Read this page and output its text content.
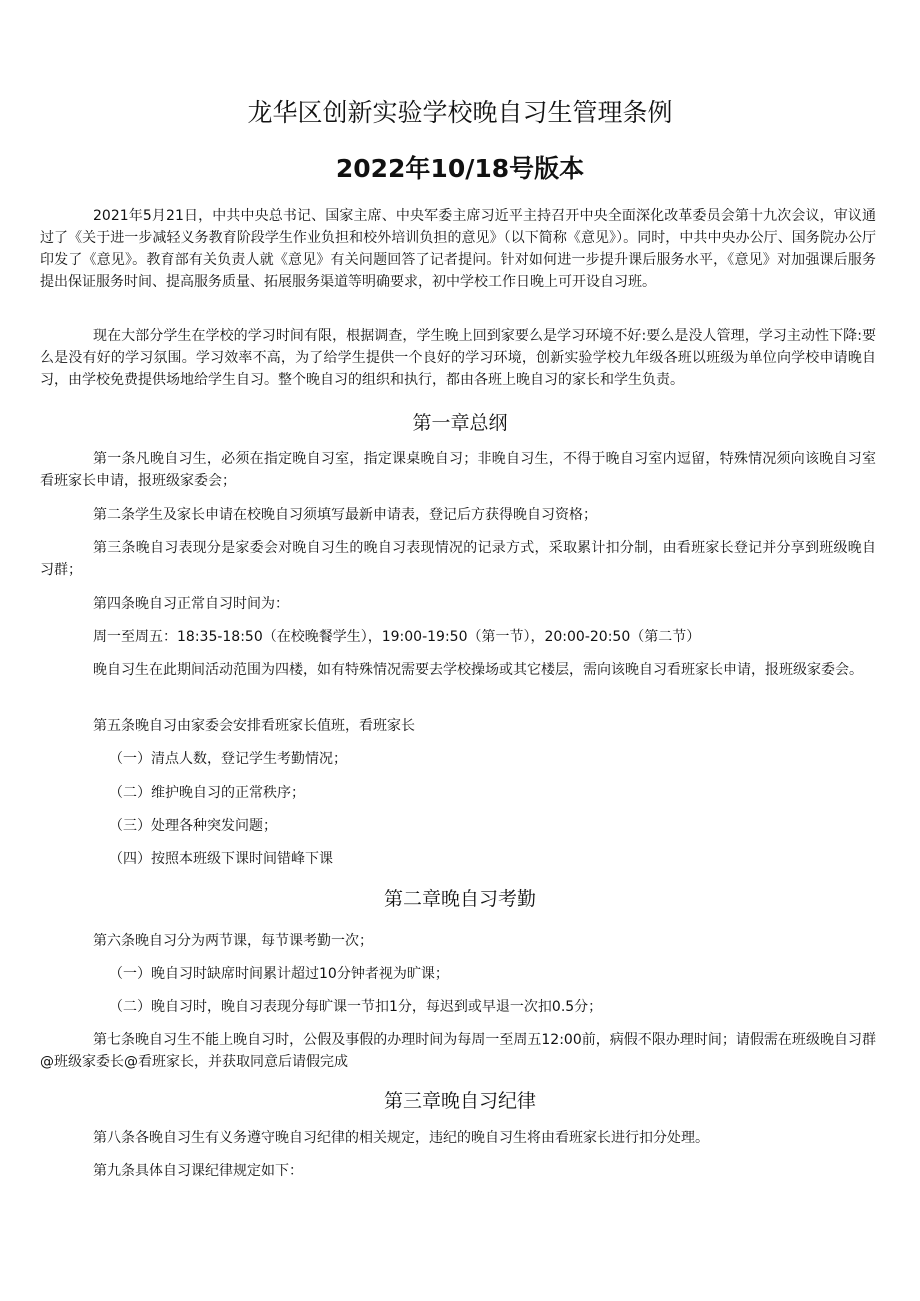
龙华区创新实验学校晚自习生管理条例
2022年10/18号版本

2021年5月21日，中共中央总书记、国家主席、中央军委主席习近平主持召开中央全面深化改革委员会第十九次会议，审议通过了《关于进一步减轻义务教育阶段学生作业负担和校外培训负担的意见》（以下简称《意见》）。同时，中共中央办公厅、国务院办公厅印发了《意见》。教育部有关负责人就《意见》有关问题回答了记者提问。针对如何进一步提升课后服务水平，《意见》对加强课后服务提出保证服务时间、提高服务质量、拓展服务渠道等明确要求，初中学校工作日晚上可开设自习班。

现在大部分学生在学校的学习时间有限，根据调查，学生晚上回到家要么是学习环境不好:要么是没人管理，学习主动性下降:要么是没有好的学习氛围。学习效率不高，为了给学生提供一个良好的学习环境，创新实验学校九年级各班以班级为单位向学校申请晚自习，由学校免费提供场地给学生自习。整个晚自习的组织和执行，都由各班上晚自习的家长和学生负责。

第一章总纲

第一条凡晚自习生，必须在指定晚自习室，指定课桌晚自习；非晚自习生，不得于晚自习室内逗留，特殊情况须向该晚自习室看班家长申请，报班级家委会；

第二条学生及家长申请在校晚自习须填写最新申请表，登记后方获得晚自习资格；

第三条晚自习表现分是家委会对晚自习生的晚自习表现情况的记录方式，采取累计扣分制，由看班家长登记并分享到班级晚自习群；

第四条晚自习正常自习时间为：

周一至周五：18:35-18:50（在校晚餐学生），19:00-19:50（第一节），20:00-20:50（第二节）

晚自习生在此期间活动范围为四楼，如有特殊情况需要去学校操场或其它楼层，需向该晚自习看班家长申请，报班级家委会。

第五条晚自习由家委会安排看班家长值班，看班家长

（一）清点人数，登记学生考勤情况；

（二）维护晚自习的正常秩序；

（三）处理各种突发问题；

（四）按照本班级下课时间错峰下课

第二章晚自习考勤

第六条晚自习分为两节课，每节课考勤一次；

（一）晚自习时缺席时间累计超过10分钟者视为旷课；

（二）晚自习时，晚自习表现分每旷课一节扣1分，每迟到或早退一次扣0.5分；

第七条晚自习生不能上晚自习时，公假及事假的办理时间为每周一至周五12:00前，病假不限办理时间；请假需在班级晚自习群@班级家委长@看班家长，并获取同意后请假完成

第三章晚自习纪律

第八条各晚自习生有义务遵守晚自习纪律的相关规定，违纪的晚自习生将由看班家长进行扣分处理。

第九条具体自习课纪律规定如下：
